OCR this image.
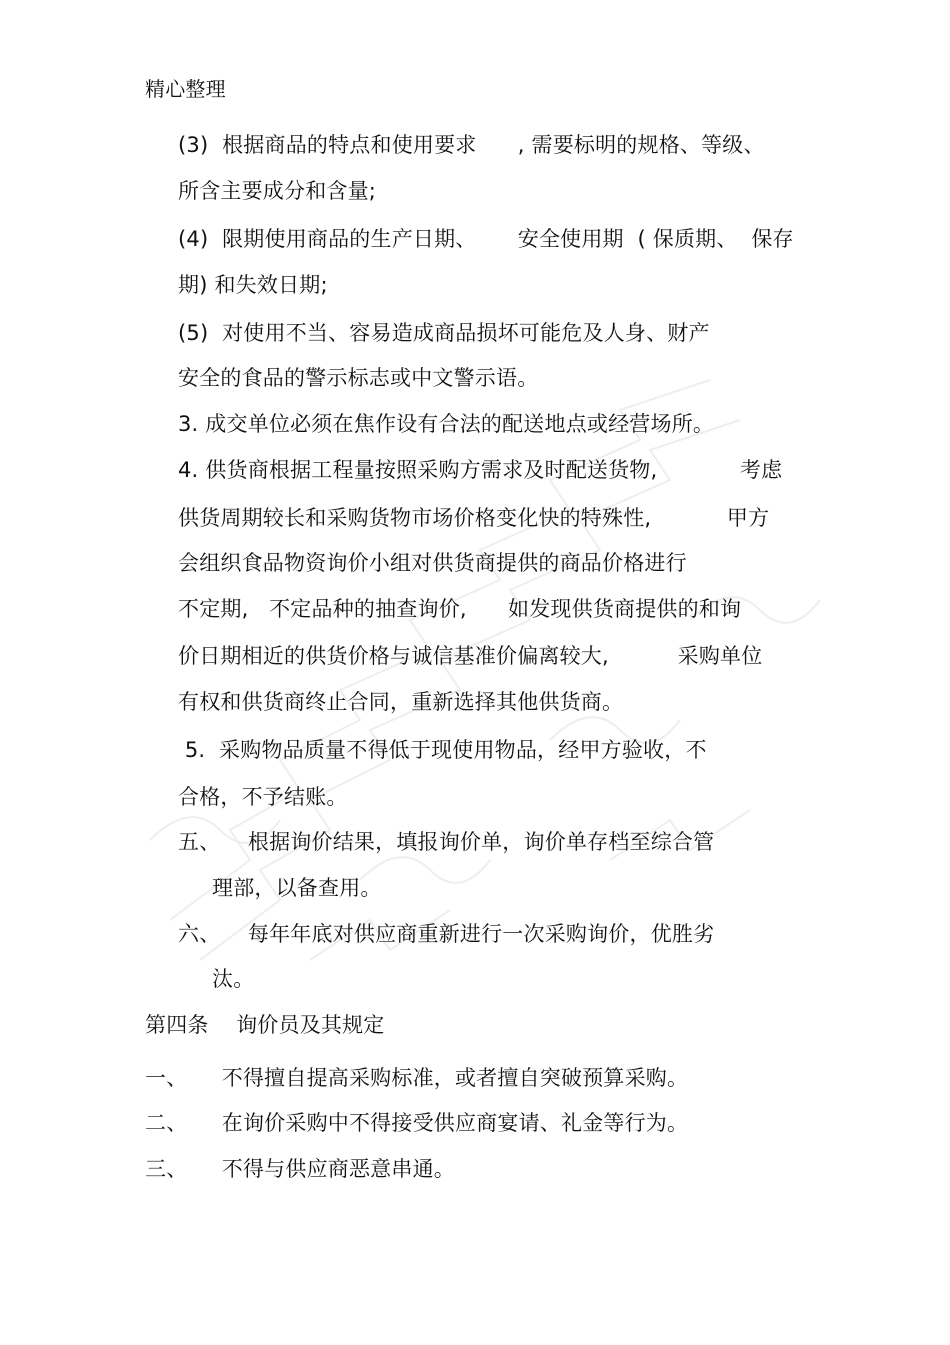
精心整理
(3)  根据商品的特点和使用要求      , 需要标明的规格、等级、
所含主要成分和含量;
(4)  限期使用商品的生产日期、      安全使用期  ( 保质期、  保存
期) 和失效日期;
(5)  对使用不当、容易造成商品损坏可能危及人身、财产
安全的食品的警示标志或中文警示语。
3. 成交单位必须在焦作设有合法的配送地点或经营场所。
4. 供货商根据工程量按照采购方需求及时配送货物,            考虑
供货周期较长和采购货物市场价格变化快的特殊性,           甲方
会组织食品物资询价小组对供货商提供的商品价格进行
不定期,   不定品种的抽查询价,      如发现供货商提供的和询
价日期相近的供货价格与诚信基准价偏离较大,          采购单位
有权和供货商终止合同，重新选择其他供货商。
5.  采购物品质量不得低于现使用物品，经甲方验收，不
合格，不予结账。
五、    根据询价结果，填报询价单，询价单存档至综合管
理部，以备查用。
六、    每年年底对供应商重新进行一次采购询价，优胜劣
汰。
第四条    询价员及其规定
一、     不得擅自提高采购标准，或者擅自突破预算采购。
二、     在询价采购中不得接受供应商宴请、礼金等行为。
三、     不得与供应商恶意串通。
